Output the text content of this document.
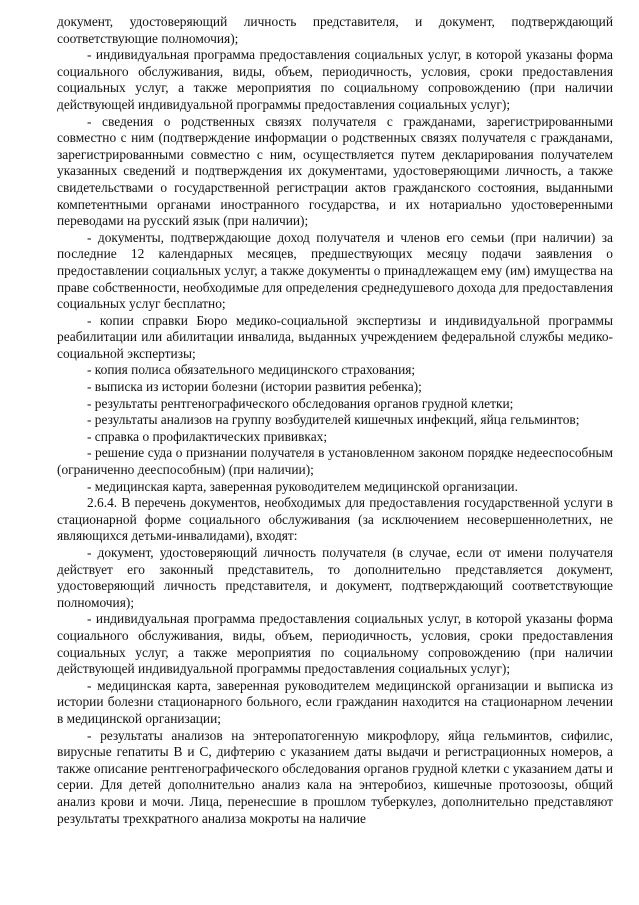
документ, удостоверяющий личность представителя, и документ, подтверждающий соответствующие полномочия);

- индивидуальная программа предоставления социальных услуг, в которой указаны форма социального обслуживания, виды, объем, периодичность, условия, сроки предоставления социальных услуг, а также мероприятия по социальному сопровождению (при наличии действующей индивидуальной программы предоставления социальных услуг);

- сведения о родственных связях получателя с гражданами, зарегистрированными совместно с ним (подтверждение информации о родственных связях получателя с гражданами, зарегистрированными совместно с ним, осуществляется путем декларирования получателем указанных сведений и подтверждения их документами, удостоверяющими личность, а также свидетельствами о государственной регистрации актов гражданского состояния, выданными компетентными органами иностранного государства, и их нотариально удостоверенными переводами на русский язык (при наличии);

- документы, подтверждающие доход получателя и членов его семьи (при наличии) за последние 12 календарных месяцев, предшествующих месяцу подачи заявления о предоставлении социальных услуг, а также документы о принадлежащем ему (им) имущества на праве собственности, необходимые для определения среднедушевого дохода для предоставления социальных услуг бесплатно;

- копии справки Бюро медико-социальной экспертизы и индивидуальной программы реабилитации или абилитации инвалида, выданных учреждением федеральной службы медико-социальной экспертизы;

- копия полиса обязательного медицинского страхования;

- выписка из истории болезни (истории развития ребенка);

- результаты рентгенографического обследования органов грудной клетки;

- результаты анализов на группу возбудителей кишечных инфекций, яйца гельминтов;

- справка о профилактических прививках;

- решение суда о признании получателя в установленном законом порядке недееспособным (ограниченно дееспособным) (при наличии);

- медицинская карта, заверенная руководителем медицинской организации.

2.6.4. В перечень документов, необходимых для предоставления государственной услуги в стационарной форме социального обслуживания (за исключением несовершеннолетних, не являющихся детьми-инвалидами), входят:

- документ, удостоверяющий личность получателя (в случае, если от имени получателя действует его законный представитель, то дополнительно представляется документ, удостоверяющий личность представителя, и документ, подтверждающий соответствующие полномочия);

- индивидуальная программа предоставления социальных услуг, в которой указаны форма социального обслуживания, виды, объем, периодичность, условия, сроки предоставления социальных услуг, а также мероприятия по социальному сопровождению (при наличии действующей индивидуальной программы предоставления социальных услуг);

- медицинская карта, заверенная руководителем медицинской организации и выписка из истории болезни стационарного больного, если гражданин находится на стационарном лечении в медицинской организации;

- результаты анализов на энтеропатогенную микрофлору, яйца гельминтов, сифилис, вирусные гепатиты В и С, дифтерию с указанием даты выдачи и регистрационных номеров, а также описание рентгенографического обследования органов грудной клетки с указанием даты и серии. Для детей дополнительно анализ кала на энтеробиоз, кишечные протозоозы, общий анализ крови и мочи. Лица, перенесшие в прошлом туберкулез, дополнительно представляют результаты трехкратного анализа мокроты на наличие
